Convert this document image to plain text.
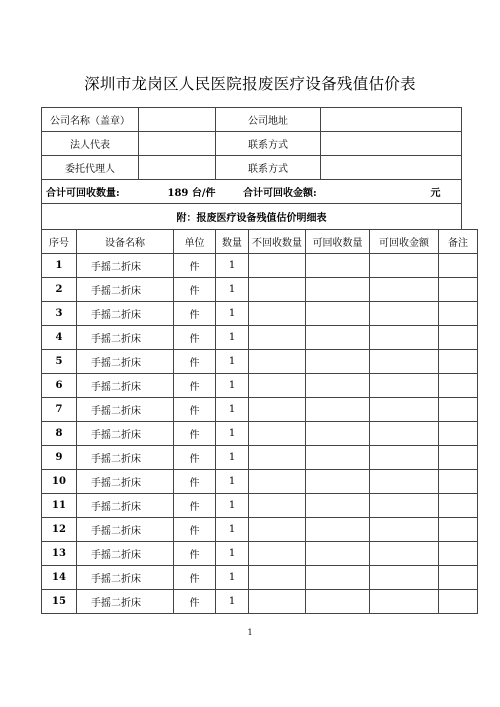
深圳市龙岗区人民医院报废医疗设备残值估价表
公司名称（盖章）		公司地址	
法人代表		联系方式	
委托代理人		联系方式	
合计可回收数量: 189 台/件 合计可回收金额: 元			
附：报废医疗设备残值估价明细表			
序号	设备名称	单位	数量	不回收数量	可回收数量	可回收金额	备注
1	手摇二折床	件	1				
2	手摇二折床	件	1				
3	手摇二折床	件	1				
4	手摇二折床	件	1				
5	手摇二折床	件	1				
6	手摇二折床	件	1				
7	手摇二折床	件	1				
8	手摇二折床	件	1				
9	手摇二折床	件	1				
10	手摇二折床	件	1				
11	手摇二折床	件	1				
12	手摇二折床	件	1				
13	手摇二折床	件	1				
14	手摇二折床	件	1				
15	手摇二折床	件	1				
1
